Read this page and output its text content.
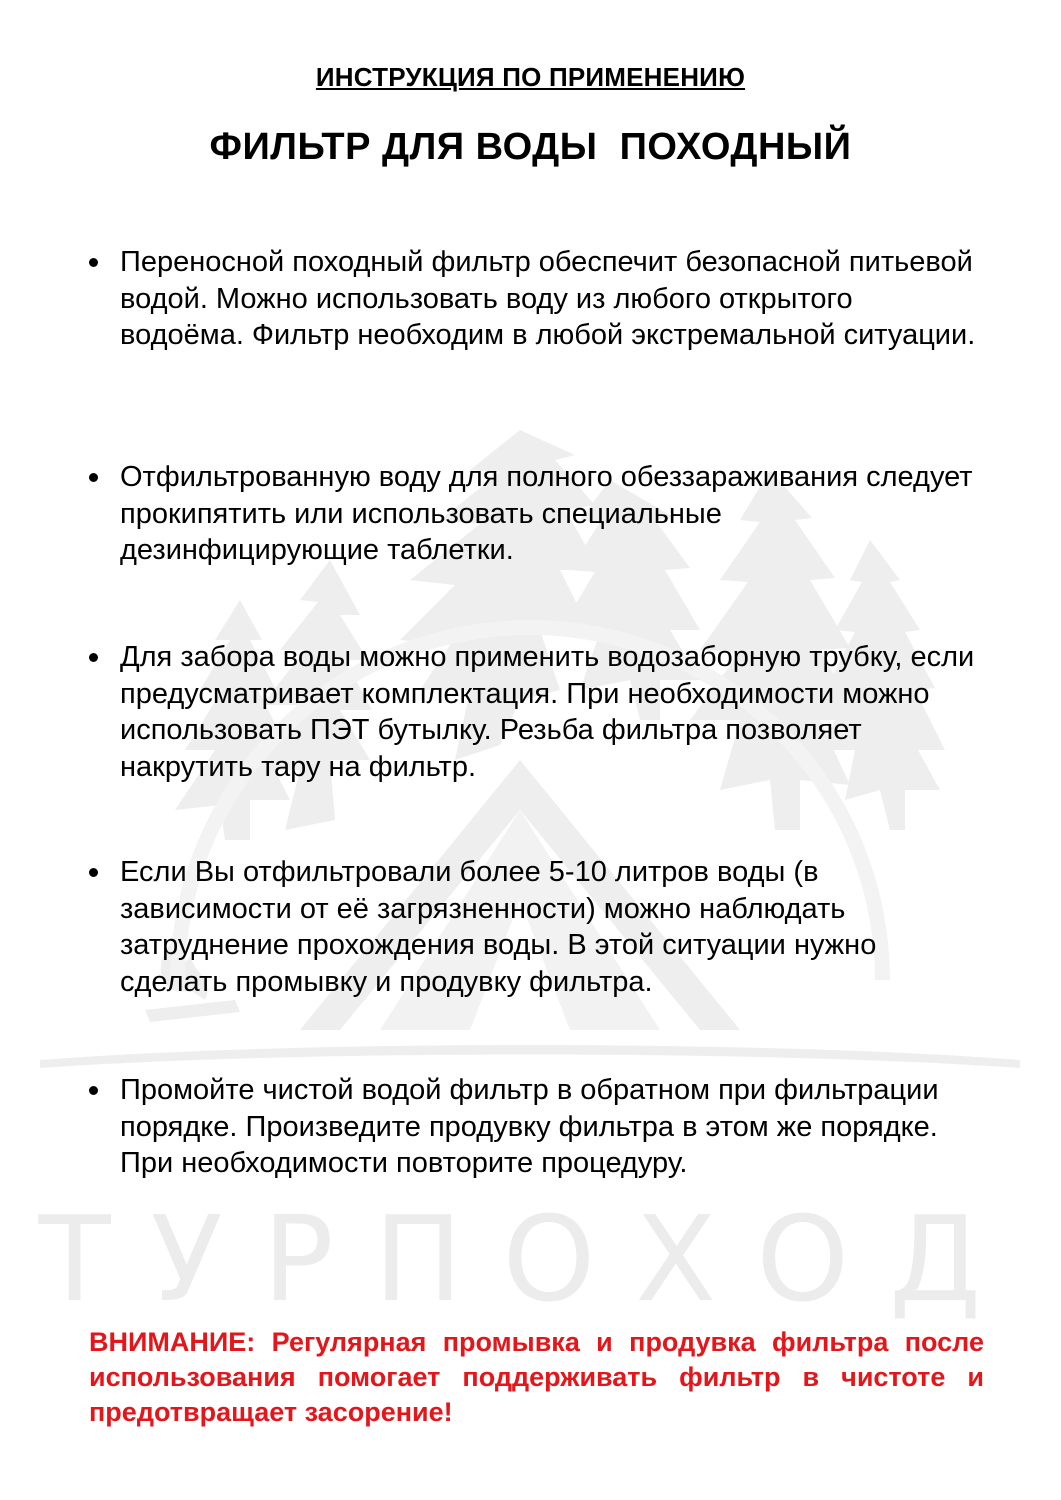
ТУРПОХОД
ИНСТРУКЦИЯ ПО ПРИМЕНЕНИЮ
ФИЛЬТР ДЛЯ ВОДЫ  ПОХОДНЫЙ
Переносной походный фильтр обеспечит безопасной питьевой водой. Можно использовать воду из любого открытого водоёма. Фильтр необходим в любой экстремальной ситуации.
Отфильтрованную воду для полного обеззараживания следует прокипятить или использовать специальные дезинфицирующие таблетки.
Для забора воды можно применить водозаборную трубку, если предусматривает комплектация. При необходимости можно использовать ПЭТ бутылку. Резьба фильтра позволяет накрутить тару на фильтр.
Если Вы отфильтровали более 5-10 литров воды (в зависимости от её загрязненности) можно наблюдать затруднение прохождения воды. В этой ситуации нужно сделать промывку и продувку фильтра.
Промойте чистой водой фильтр в обратном при фильтрации порядке. Произведите продувку фильтра в этом же порядке. При необходимости повторите процедуру.
ВНИМАНИЕ: Регулярная промывка и продувка фильтра после использования помогает поддерживать фильтр в чистоте и предотвращает засорение!
